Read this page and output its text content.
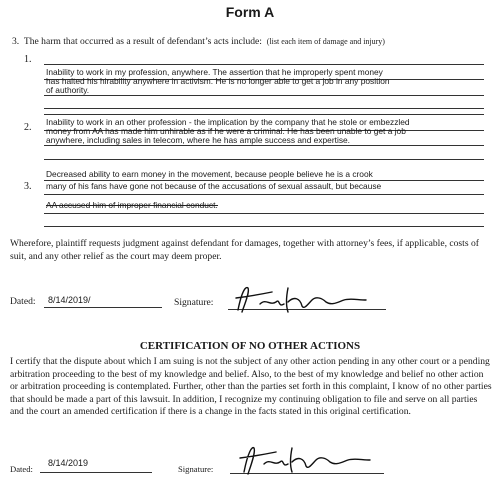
Form A
3. The harm that occurred as a result of defendant’s acts include: (list each item of damage and injury)
1.
Inability to work in my profession, anywhere. The assertion that he improperly spent money
has halted his hirability anywhere in activism. He is no longer able to get a job in any position
of authority.
2. Inability to work in an other profession - the implication by the company that he stole or embezzled
money from AA has made him unhirable as if he were a criminal. He has been unable to get a job
anywhere, including sales in telecom, where he has ample success and expertise.
Decreased ability to earn money in the movement, because people believe he is a crook
3. many of his fans have gone not because of the accusations of sexual assault, but because
AA accused him of improper financial conduct.
Wherefore, plaintiff requests judgment against defendant for damages, together with attorney’s fees, if applicable, costs of suit, and any other relief as the court may deem proper.
Dated: 8/14/2019/	Signature:
CERTIFICATION OF NO OTHER ACTIONS
I certify that the dispute about which I am suing is not the subject of any other action pending in any other court or a pending arbitration proceeding to the best of my knowledge and belief. Also, to the best of my knowledge and belief no other action or arbitration proceeding is contemplated. Further, other than the parties set forth in this complaint, I know of no other parties that should be made a part of this lawsuit. In addition, I recognize my continuing obligation to file and serve on all parties and the court an amended certification if there is a change in the facts stated in this original certification.
Dated:
8/14/2019
Signature:
